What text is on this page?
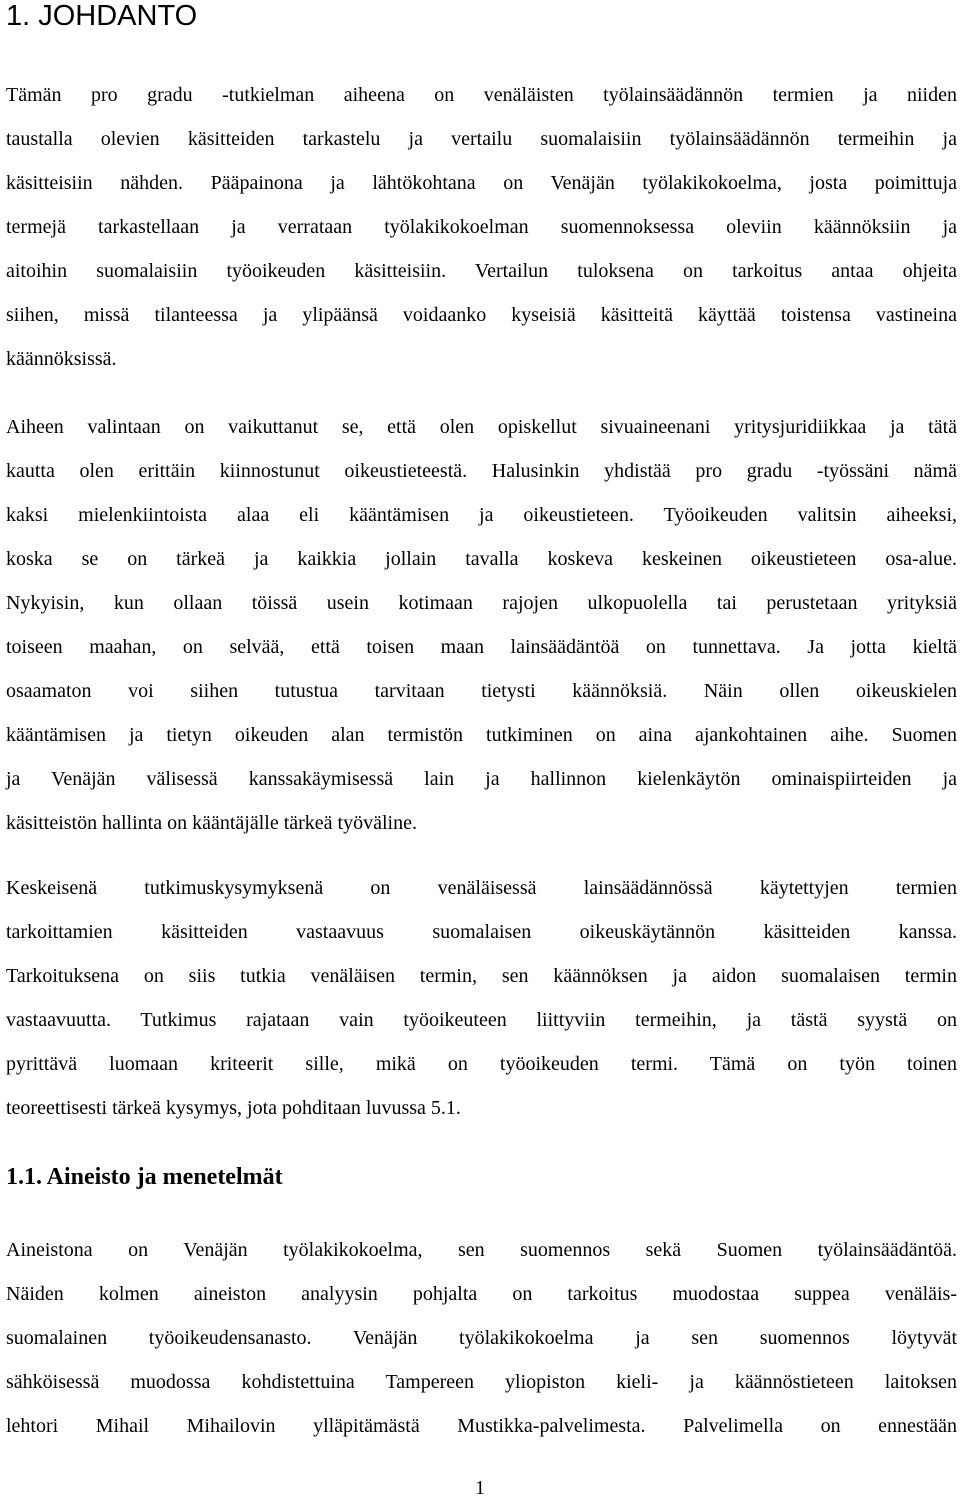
1. JOHDANTO

Tämän pro gradu -tutkielman aiheena on venäläisten työlainsäädännön termien ja niiden
taustalla olevien käsitteiden tarkastelu ja vertailu suomalaisiin työlainsäädännön termeihin ja
käsitteisiin nähden. Pääpainona ja lähtökohtana on Venäjän työlakikokoelma, josta poimittuja
termejä tarkastellaan ja verrataan työlakikokoelman suomennoksessa oleviin käännöksiin ja
aitoihin suomalaisiin työoikeuden käsitteisiin. Vertailun tuloksena on tarkoitus antaa ohjeita
siihen, missä tilanteessa ja ylipäänsä voidaanko kyseisiä käsitteitä käyttää toistensa vastineina
käännöksissä.

Aiheen valintaan on vaikuttanut se, että olen opiskellut sivuaineenani yritysjuridiikkaa ja tätä
kautta olen erittäin kiinnostunut oikeustieteestä. Halusinkin yhdistää pro gradu -työssäni nämä
kaksi mielenkiintoista alaa eli kääntämisen ja oikeustieteen. Työoikeuden valitsin aiheeksi,
koska se on tärkeä ja kaikkia jollain tavalla koskeva keskeinen oikeustieteen osa-alue.
Nykyisin, kun ollaan töissä usein kotimaan rajojen ulkopuolella tai perustetaan yrityksiä
toiseen maahan, on selvää, että toisen maan lainsäädäntöä on tunnettava. Ja jotta kieltä
osaamaton voi siihen tutustua tarvitaan tietysti käännöksiä. Näin ollen oikeuskielen
kääntämisen ja tietyn oikeuden alan termistön tutkiminen on aina ajankohtainen aihe. Suomen
ja Venäjän välisessä kanssakäymisessä lain ja hallinnon kielenkäytön ominaispiirteiden ja
käsitteistön hallinta on kääntäjälle tärkeä työväline.

Keskeisenä tutkimuskysymyksenä on venäläisessä lainsäädännössä käytettyjen termien
tarkoittamien käsitteiden vastaavuus suomalaisen oikeuskäytännön käsitteiden kanssa.
Tarkoituksena on siis tutkia venäläisen termin, sen käännöksen ja aidon suomalaisen termin
vastaavuutta. Tutkimus rajataan vain työoikeuteen liittyviin termeihin, ja tästä syystä on
pyrittävä luomaan kriteerit sille, mikä on työoikeuden termi. Tämä on työn toinen
teoreettisesti tärkeä kysymys, jota pohditaan luvussa 5.1.

1.1. Aineisto ja menetelmät

Aineistona on Venäjän työlakikokoelma, sen suomennos sekä Suomen työlainsäädäntöä.
Näiden kolmen aineiston analyysin pohjalta on tarkoitus muodostaa suppea venäläis-
suomalainen työoikeudensanasto. Venäjän työlakikokoelma ja sen suomennos löytyvät
sähköisessä muodossa kohdistettuina Tampereen yliopiston kieli- ja käännöstieteen laitoksen
lehtori Mihail Mihailovin ylläpitämästä Mustikka-palvelimesta. Palvelimella on ennestään

1
